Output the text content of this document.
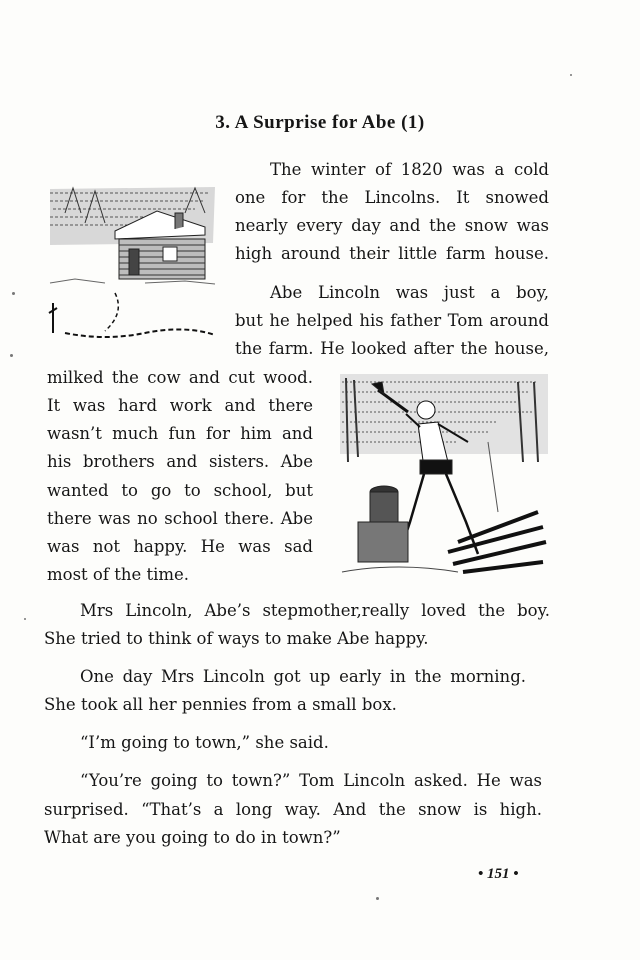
3. A Surprise for Abe (1)
The winter of 1820 was a cold
one for the Lincolns. It snowed
nearly every day and the snow was
high around their little farm house.
Abe Lincoln was just a boy,
but he helped his father Tom around
the farm. He looked after the house,
milked the cow and cut wood.
It was hard work and there
wasn’t much fun for him and
his brothers and sisters. Abe
wanted to go to school, but
there was no school there. Abe
was not happy. He was sad
most of the time.
Mrs Lincoln, Abe’s stepmother,really loved the boy.
She tried to think of ways to make Abe happy.
One day Mrs Lincoln got up early in the morning.
She took all her pennies from a small box.
“I’m going to town,” she said.
“You’re going to town?” Tom Lincoln asked. He was
surprised. “That’s a long way. And the snow is high.
What are you going to do in town?”
• 151 •
